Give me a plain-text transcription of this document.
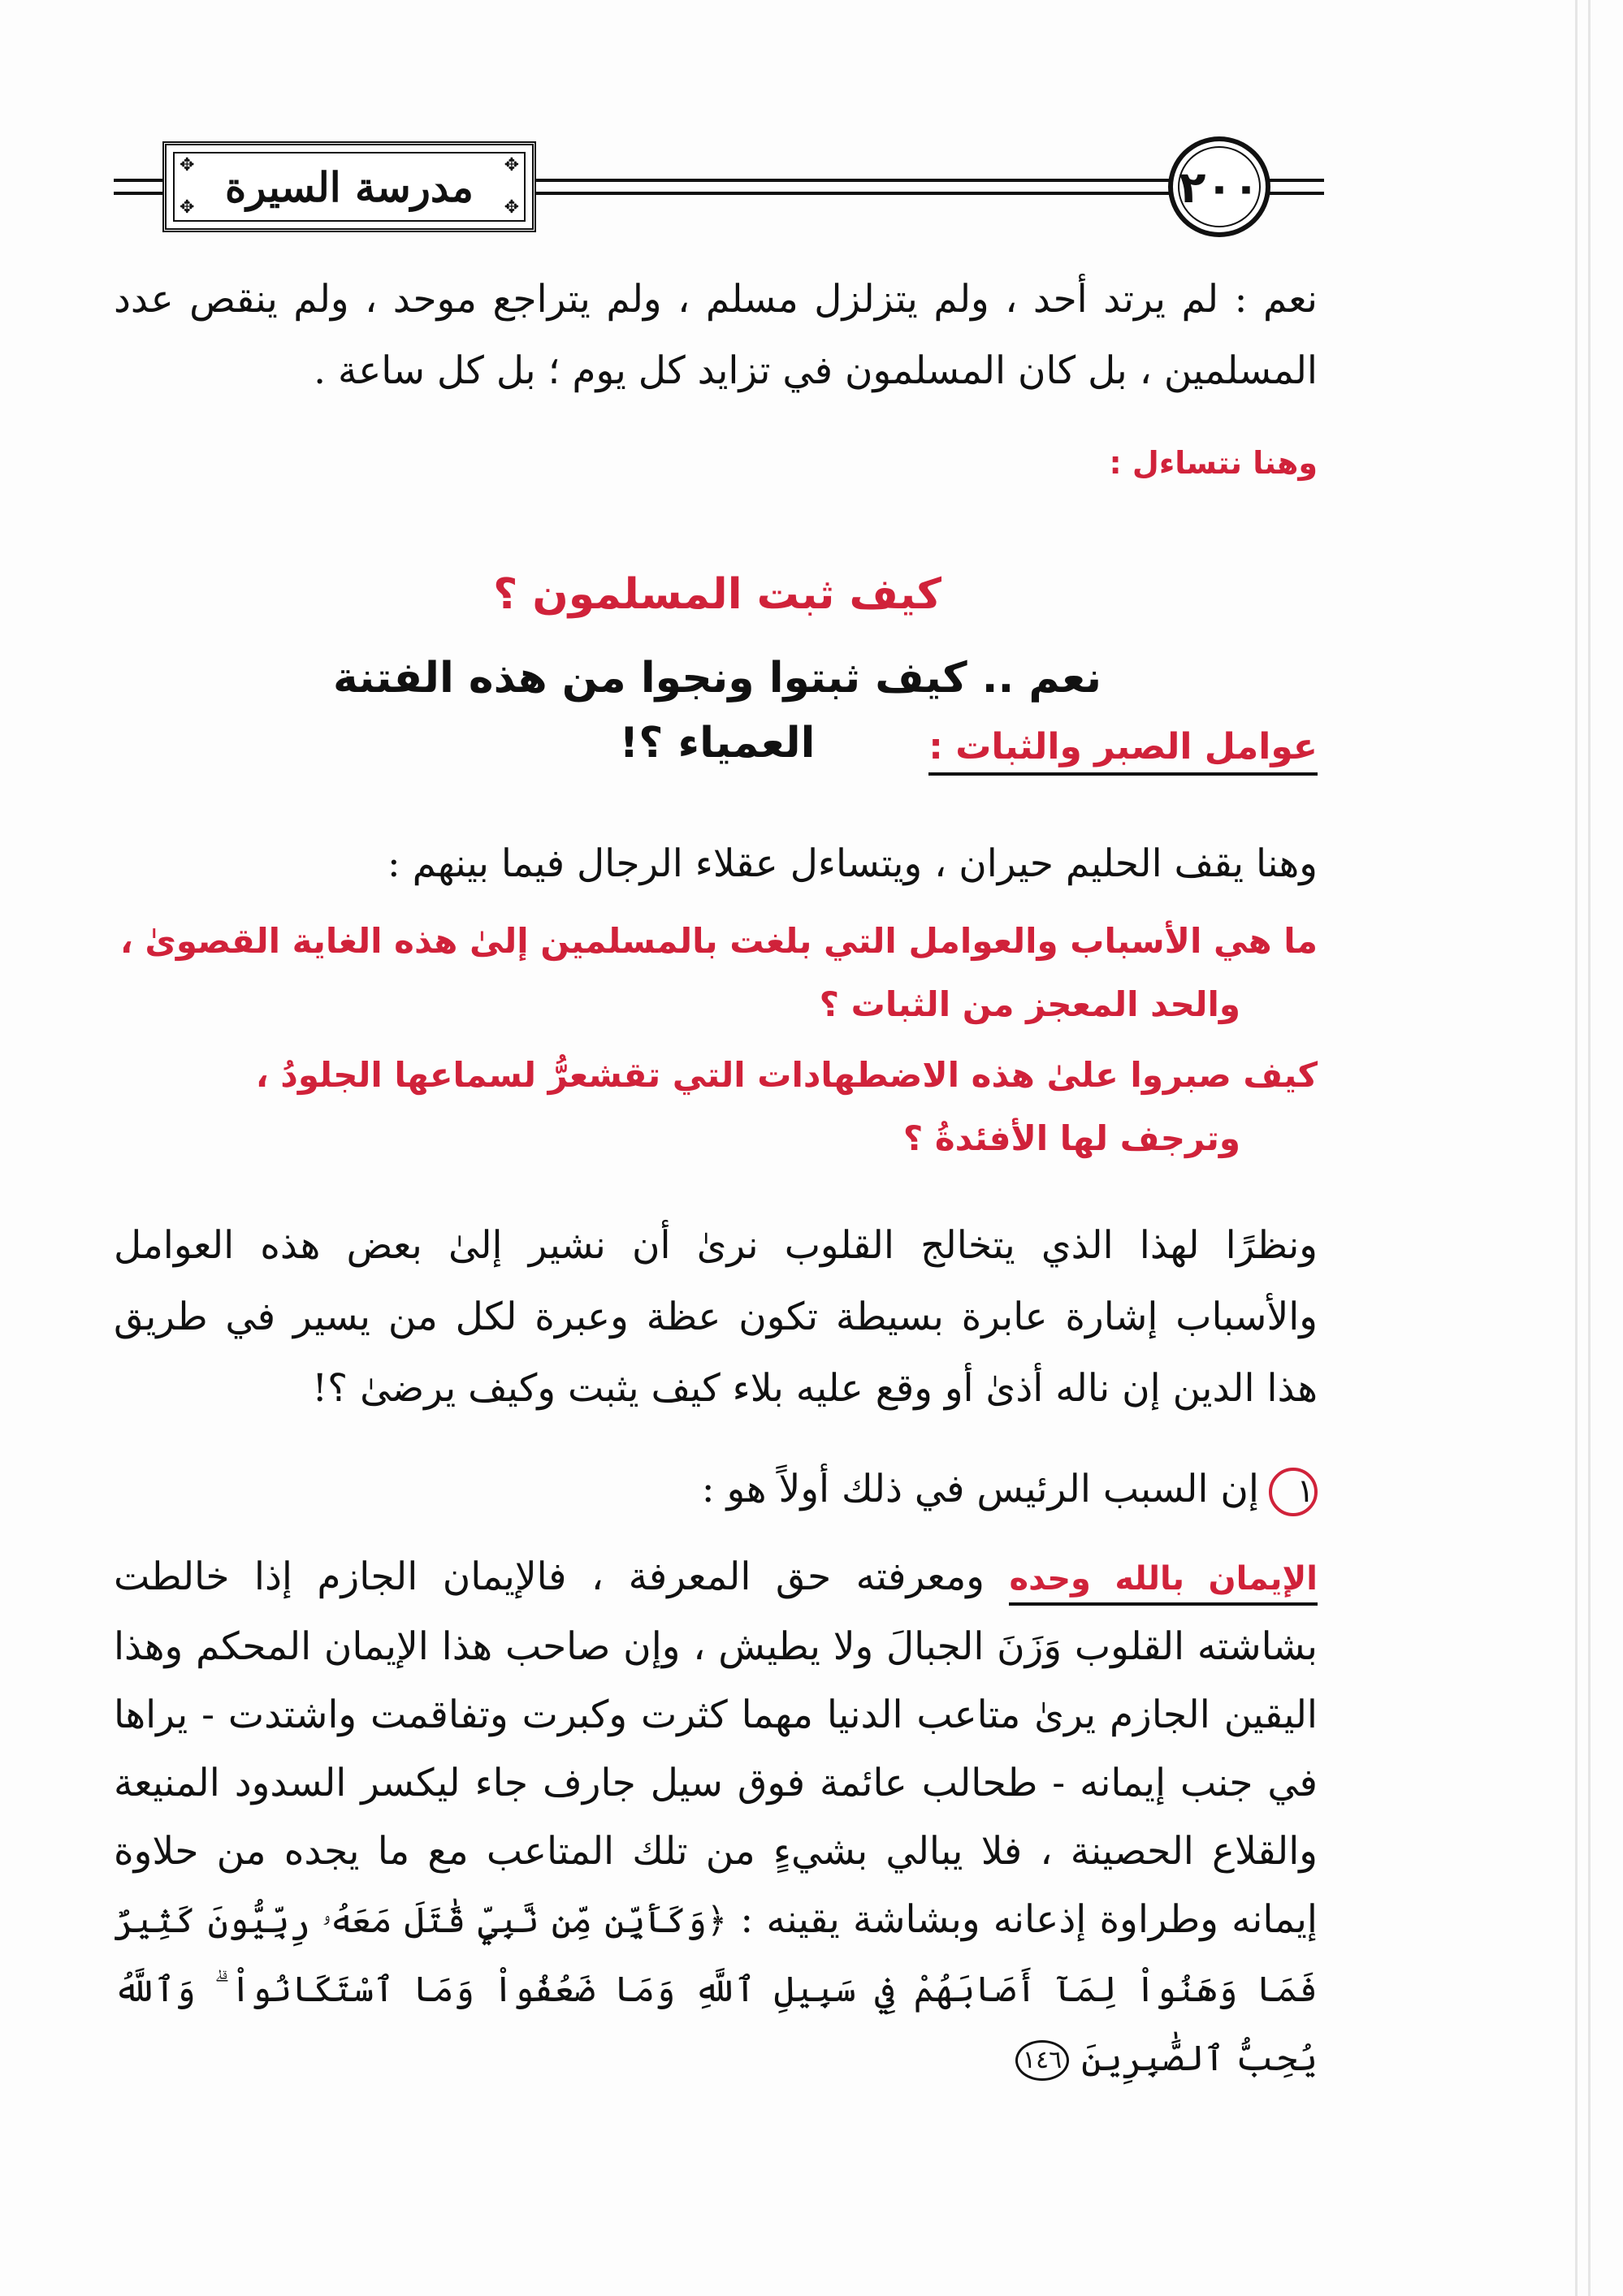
✥	✥
✥	✥
مدرسة السيرة	٢٠٠
نعم : لم يرتد أحد ، ولم يتزلزل مسلم ، ولم يتراجع موحد ، ولم ينقص عدد المسلمين ، بل كان المسلمون في تزايد كل يوم ؛ بل كل ساعة .
وهنا نتساءل :
كيف ثبت المسلمون ؟
نعم .. كيف ثبتوا ونجوا من هذه الفتنة العمياء ؟!	عوامل الصبر والثبات :
وهنا يقف الحليم حيران ، ويتساءل عقلاء الرجال فيما بينهم :
ما هي الأسباب والعوامل التي بلغت بالمسلمين إلىٰ هذه الغاية القصوىٰ ،
والحد المعجز من الثبات ؟
كيف صبروا علىٰ هذه الاضطهادات التي تقشعرُّ لسماعها الجلودُ ،
وترجف لها الأفئدةُ ؟
ونظرًا لهذا الذي يتخالج القلوب نرىٰ أن نشير إلىٰ بعض هذه العوامل والأسباب إشارة عابرة بسيطة تكون عظة وعبرة لكل من يسير في طريق هذا الدين إن ناله أذىٰ أو وقع عليه بلاء كيف يثبت وكيف يرضىٰ ؟!
١إن السبب الرئيس في ذلك أولاً هو :
الإيمان بالله وحده ومعرفته حق المعرفة ، فالإيمان الجازم إذا خالطت بشاشته القلوب وَزَنَ الجبالَ ولا يطيش ، وإن صاحب هذا الإيمان المحكم وهذا اليقين الجازم يرىٰ متاعب الدنيا مهما كثرت وكبرت وتفاقمت واشتدت - يراها في جنب إيمانه - طحالب عائمة فوق سيل جارف جاء ليكسر السدود المنيعة والقلاع الحصينة ، فلا يبالي بشيءٍ من تلك المتاعب مع ما يجده من حلاوة إيمانه وطراوة إذعانه وبشاشة يقينه : ﴿وَكَأَيِّن مِّن نَّبِيٍّ قَٰتَلَ مَعَهُۥ رِبِّيُّونَ كَثِيرٌ فَمَا وَهَنُواْ لِمَآ أَصَابَهُمْ فِي سَبِيلِ ٱللَّهِ وَمَا ضَعُفُواْ وَمَا ٱسْتَكَانُواْ ۗ وَٱللَّهُ يُحِبُّ ٱلصَّٰبِرِينَ ١٤٦
